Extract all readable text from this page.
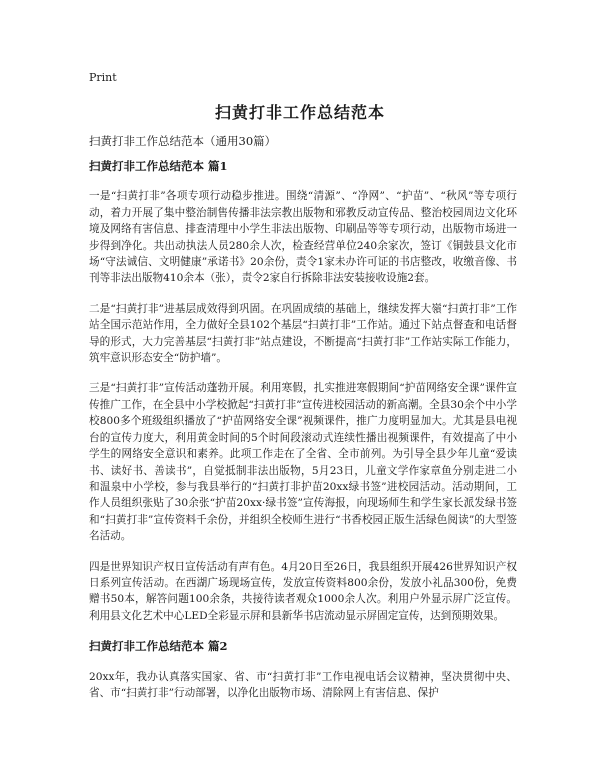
Print
扫黄打非工作总结范本
扫黄打非工作总结范本（通用30篇）
扫黄打非工作总结范本 篇1

一是“扫黄打非”各项专项行动稳步推进。围绕“清源”、“净网”、“护苗”、“秋风”等专项行动，着力开展了集中整治制售传播非法宗教出版物和邪教反动宣传品、整治校园周边文化环境及网络有害信息、排查清理中小学生非法出版物、印刷品等等专项行动，出版物市场进一步得到净化。共出动执法人员280余人次，检查经营单位240余家次，签订《铜鼓县文化市场“守法诚信、文明健康”承诺书》20余份，责令1家未办许可证的书店整改，收缴音像、书刊等非法出版物410余本（张），责令2家自行拆除非法安装接收设施2套。

二是“扫黄打非”进基层成效得到巩固。在巩固成绩的基础上，继续发挥大嶺“扫黄打非”工作站全国示范站作用，全力做好全县102个基层“扫黄打非”工作站。通过下站点督查和电话督导的形式，大力完善基层“扫黄打非”站点建设，不断提高“扫黄打非”工作站实际工作能力，筑牢意识形态安全“防护墙”。

三是“扫黄打非”宣传活动蓬勃开展。利用寒假，扎实推进寒假期间“护苗网络安全课”课件宣传推广工作，在全县中小学校掀起“扫黄打非”宣传进校园活动的新高潮。全县30余个中小学校800多个班级组织播放了“护苗网络安全课”视频课件，推广力度明显加大。尤其是县电视台的宣传力度大，利用黄金时间的5个时间段滚动式连续性播出视频课件，有效提高了中小学生的网络安全意识和素养。此项工作走在了全省、全市前列。为引导全县少年儿童“爱读书、读好书、善读书”，自觉抵制非法出版物，5月23日，儿童文学作家章鱼分别走进二小和温泉中小学校，参与我县举行的“扫黄打非护苗20xx绿书签”进校园活动。活动期间，工作人员组织张贴了30余张“护苗20xx·绿书签”宣传海报，向现场师生和学生家长派发绿书签和“扫黄打非”宣传资料千余份，并组织全校师生进行“书香校园正版生活绿色阅读”的大型签名活动。

四是世界知识产权日宣传活动有声有色。4月20日至26日，我县组织开展426世界知识产权日系列宣传活动。在西湖广场现场宣传，发放宣传资料800余份，发放小礼品300份，免费赠书50本，解答问题100余条，共接待读者观众1000余人次。利用户外显示屏广泛宣传。利用县文化艺术中心LED全彩显示屏和县新华书店流动显示屏固定宣传，达到预期效果。

扫黄打非工作总结范本 篇2

20xx年，我办认真落实国家、省、市“扫黄打非”工作电视电话会议精神，坚决贯彻中央、省、市“扫黄打非”行动部署，以净化出版物市场、清除网上有害信息、保护
